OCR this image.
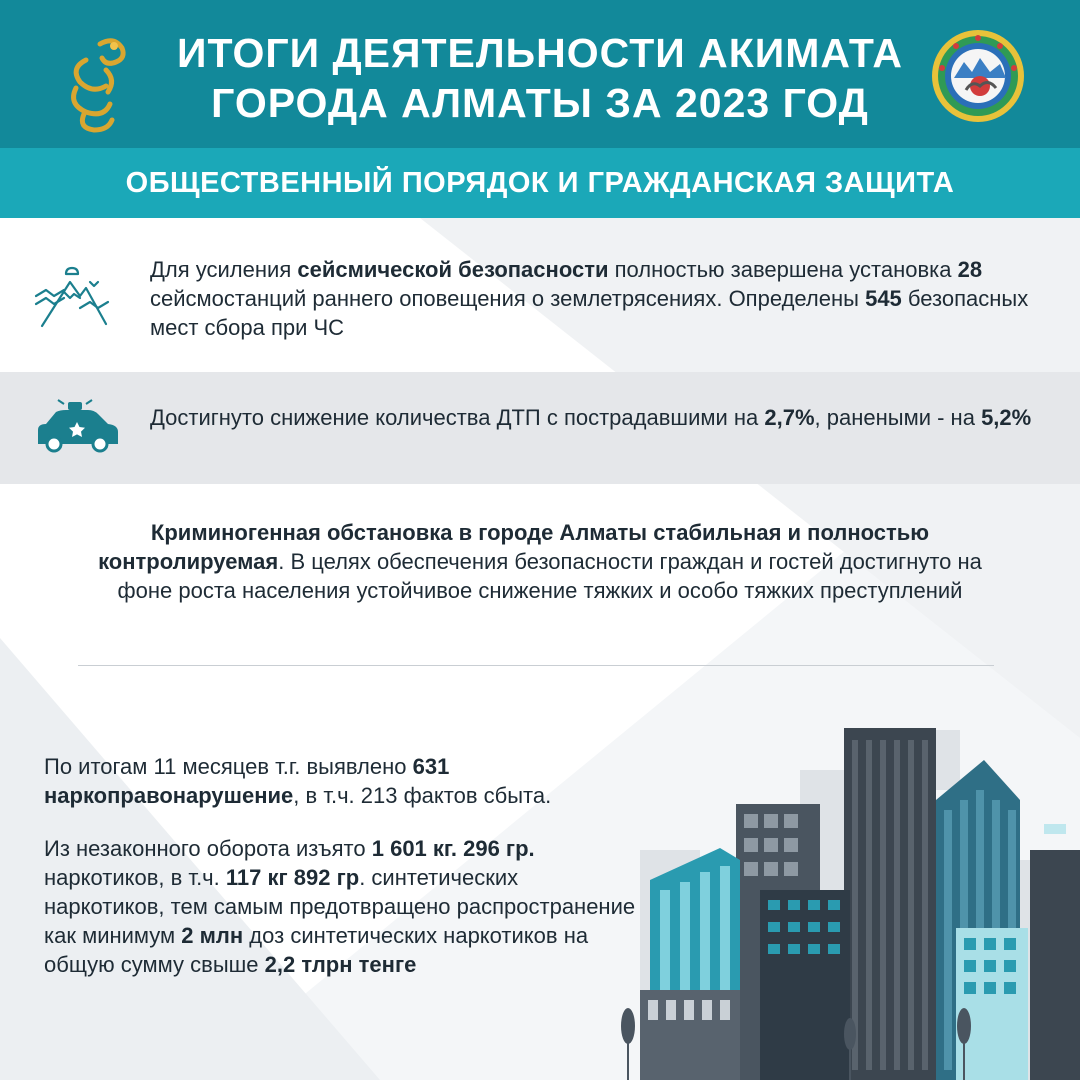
ИТОГИ ДЕЯТЕЛЬНОСТИ АКИМАТА
ГОРОДА АЛМАТЫ ЗА 2023 ГОД
ОБЩЕСТВЕННЫЙ ПОРЯДОК И ГРАЖДАНСКАЯ ЗАЩИТА
Для усиления сейсмической безопасности полностью завершена установка 28 сейсмостанций раннего оповещения о землетрясениях. Определены 545 безопасных мест сбора при ЧС
Достигнуто снижение количества ДТП с пострадавшими на 2,7%, ранеными - на 5,2%
Криминогенная обстановка в городе Алматы стабильная и полностью контролируемая. В целях обеспечения безопасности граждан и гостей достигнуто на фоне роста населения устойчивое снижение тяжких и особо тяжких преступлений
По итогам 11 месяцев т.г. выявлено 631 наркоправонарушение, в т.ч. 213 фактов сбыта.
Из незаконного оборота изъято 1 601 кг. 296 гр. наркотиков, в т.ч. 117 кг 892 гр. синтетических наркотиков, тем самым предотвращено распространение как минимум 2 млн доз синтетических наркотиков на общую сумму свыше 2,2 тлрн тенге
